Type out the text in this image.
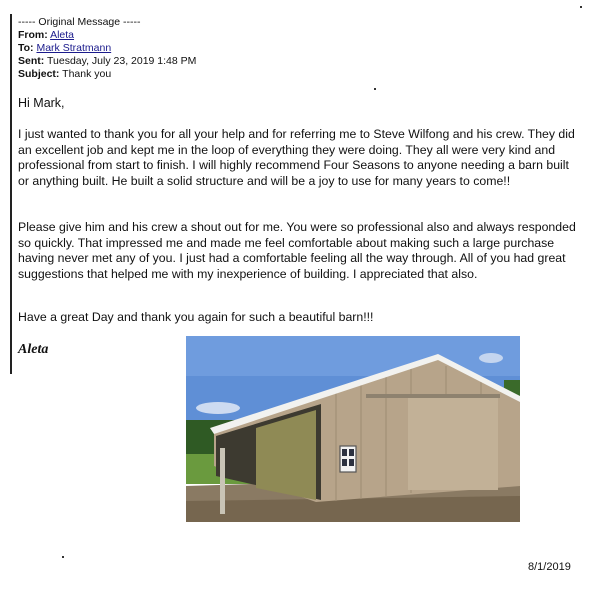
----- Original Message -----
From: Aleta
To: Mark Stratmann
Sent: Tuesday, July 23, 2019 1:48 PM
Subject: Thank you
Hi Mark,
I just wanted to thank you for all your help and for referring me to Steve Wilfong and his crew. They did an excellent job and kept me in the loop of everything they were doing. They all were very kind and professional from start to finish. I will highly recommend Four Seasons to anyone needing a barn built or anything built. He built a solid structure and will be a joy to use for many years to come!!
Please give him and his crew a shout out for me. You were so professional also and always responded so quickly. That impressed me and made me feel comfortable about making such a large purchase having never met any of you. I just had a comfortable feeling all the way through. All of you had great suggestions that helped me with my inexperience of building. I appreciated that also.
Have a great Day and thank you again for such a beautiful barn!!!
Aleta
8/1/2019
